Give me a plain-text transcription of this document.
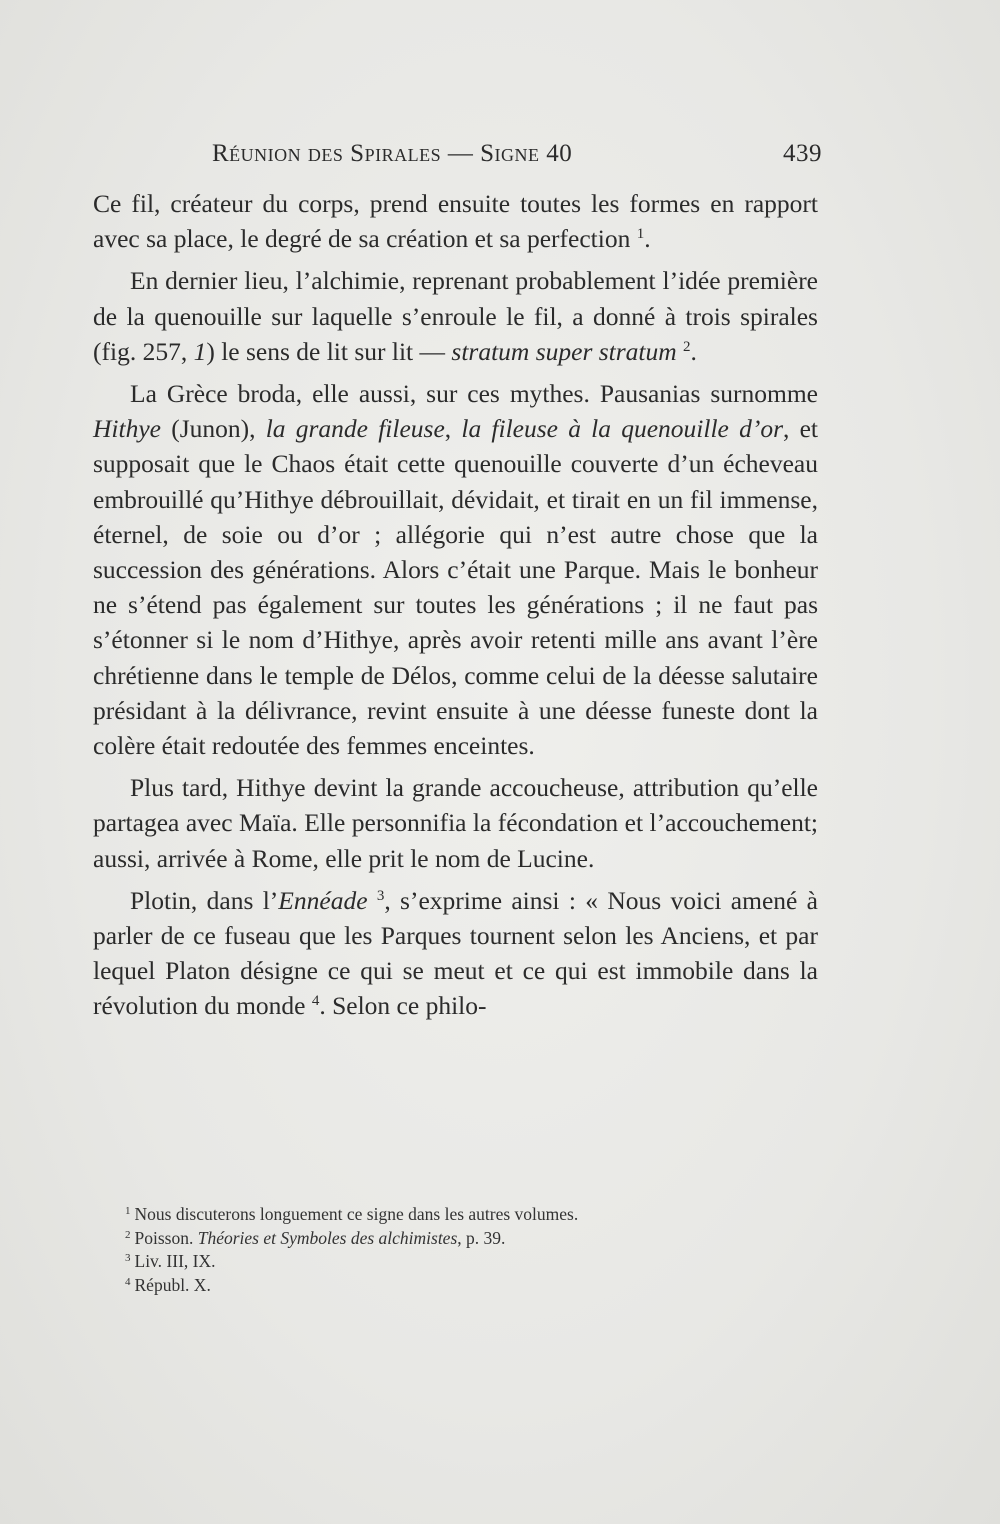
Réunion des Spirales — Signe 40	439

Ce fil, créateur du corps, prend ensuite toutes les formes en rapport avec sa place, le degré de sa création et sa perfection $^1$.

En dernier lieu, l’alchimie, reprenant probablement l’idée première de la quenouille sur laquelle s’enroule le fil, a donné à trois spirales (fig. 257, 1) le sens de lit sur lit — stratum super stratum $^2$.

La Grèce broda, elle aussi, sur ces mythes. Pausanias surnomme Hithye (Junon), la grande fileuse, la fileuse à la quenouille d’or, et supposait que le Chaos était cette quenouille couverte d’un écheveau embrouillé qu’Hithye débrouillait, dévidait, et tirait en un fil immense, éternel, de soie ou d’or ; allégorie qui n’est autre chose que la succession des générations. Alors c’était une Parque. Mais le bonheur ne s’étend pas également sur toutes les générations ; il ne faut pas s’étonner si le nom d’Hithye, après avoir retenti mille ans avant l’ère chrétienne dans le temple de Délos, comme celui de la déesse salutaire présidant à la délivrance, revint ensuite à une déesse funeste dont la colère était redoutée des femmes enceintes.

Plus tard, Hithye devint la grande accoucheuse, attribution qu’elle partagea avec Maïa. Elle personnifia la fécondation et l’accouchement; aussi, arrivée à Rome, elle prit le nom de Lucine.

Plotin, dans l’Ennéade $^3$, s’exprime ainsi : « Nous voici amené à parler de ce fuseau que les Parques tournent selon les Anciens, et par lequel Platon désigne ce qui se meut et ce qui est immobile dans la révolution du monde $^4$. Selon ce philo-

$^1$ Nous discuterons longuement ce signe dans les autres volumes.
$^2$ Poisson. Théories et Symboles des alchimistes, p. 39.
$^3$ Liv. III, IX.
$^4$ Républ. X.
